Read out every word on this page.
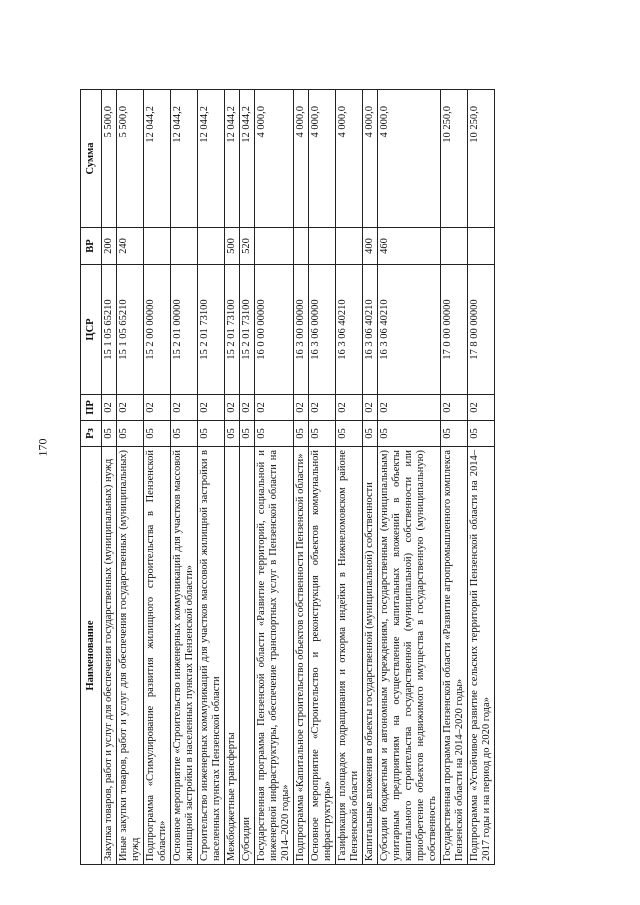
170
Наименование	Рз	ПР	ЦСР	ВР	Сумма
Закупка товаров, работ и услуг для обеспечения государственных (муниципальных) нужд	05	02	15 1 05 65210	200	5 500,0
Иные закупки товаров, работ и услуг для обеспечения государственных (муниципальных) нужд	05	02	15 1 05 65210	240	5 500,0
Подпрограмма «Стимулирование развития жилищного строительства в Пензенской области»	05	02	15 2 00 00000		12 044,2
Основное мероприятие «Строительство инженерных коммуникаций для участков массовой жилищной застройки в населенных пунктах Пензенской области»	05	02	15 2 01 00000		12 044,2
Строительство инженерных коммуникаций для участков массовой жилищной застройки в населенных пунктах Пензенской области	05	02	15 2 01 73100		12 044,2
Межбюджетные трансферты	05	02	15 2 01 73100	500	12 044,2
Субсидии	05	02	15 2 01 73100	520	12 044,2
Государственная программа Пензенской области «Развитие территорий, социальной и инженерной инфраструктуры, обеспечение транспортных услуг в Пензенской области на 2014–2020 годы»	05	02	16 0 00 00000		4 000,0
Подпрограмма «Капитальное строительство объектов собственности Пензенской области»	05	02	16 3 00 00000		4 000,0
Основное мероприятие «Строительство и реконструкция объектов коммунальной инфраструктуры»	05	02	16 3 06 00000		4 000,0
Газификация площадок подращивания и откорма индейки в Нижнеломовском районе Пензенской области	05	02	16 3 06 40210		4 000,0
Капитальные вложения в объекты государственной (муниципальной) собственности	05	02	16 3 06 40210	400	4 000,0
Субсидии бюджетным и автономным учреждениям, государственным (муниципальным) унитарным предприятиям на осуществление капитальных вложений в объекты капитального строительства государственной (муниципальной) собственности или приобретение объектов недвижимого имущества в государственную (муниципальную) собственность	05	02	16 3 06 40210	460	4 000,0
Государственная программа Пензенской области «Развитие агропромышленного комплекса Пензенской области на 2014–2020 годы»	05	02	17 0 00 00000		10 250,0
Подпрограмма «Устойчивое развитие сельских территорий Пензенской области на 2014–2017 годы и на период до 2020 года»	05	02	17 8 00 00000		10 250,0
